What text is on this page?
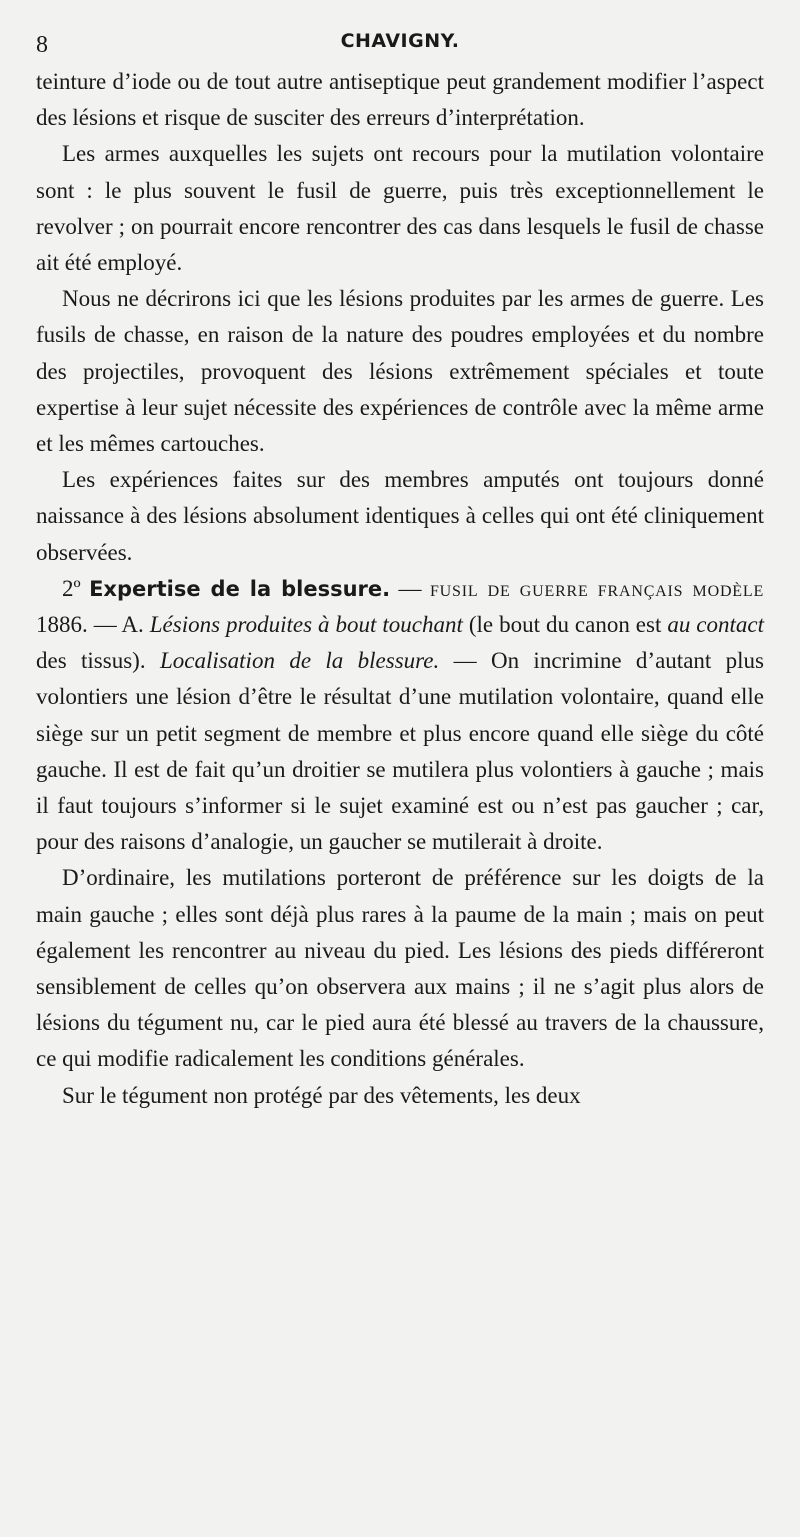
8	CHAVIGNY.

teinture d’iode ou de tout autre antiseptique peut grandement modifier l’aspect des lésions et risque de susciter des erreurs d’interprétation.

Les armes auxquelles les sujets ont recours pour la mutilation volontaire sont : le plus souvent le fusil de guerre, puis très exceptionnellement le revolver ; on pourrait encore rencontrer des cas dans lesquels le fusil de chasse ait été employé.

Nous ne décrirons ici que les lésions produites par les armes de guerre. Les fusils de chasse, en raison de la nature des poudres employées et du nombre des projectiles, provoquent des lésions extrêmement spéciales et toute expertise à leur sujet nécessite des expériences de contrôle avec la même arme et les mêmes cartouches.

Les expériences faites sur des membres amputés ont toujours donné naissance à des lésions absolument identiques à celles qui ont été cliniquement observées.

2º Expertise de la blessure. — fusil de guerre français modèle 1886. — A. Lésions produites à bout touchant (le bout du canon est au contact des tissus). Localisation de la blessure. — On incrimine d’autant plus volontiers une lésion d’être le résultat d’une mutilation volontaire, quand elle siège sur un petit segment de membre et plus encore quand elle siège du côté gauche. Il est de fait qu’un droitier se mutilera plus volontiers à gauche ; mais il faut toujours s’informer si le sujet examiné est ou n’est pas gaucher ; car, pour des raisons d’analogie, un gaucher se mutilerait à droite.

D’ordinaire, les mutilations porteront de préférence sur les doigts de la main gauche ; elles sont déjà plus rares à la paume de la main ; mais on peut également les rencontrer au niveau du pied. Les lésions des pieds différeront sensiblement de celles qu’on observera aux mains ; il ne s’agit plus alors de lésions du tégument nu, car le pied aura été blessé au travers de la chaussure, ce qui modifie radicalement les conditions générales.

Sur le tégument non protégé par des vêtements, les deux
